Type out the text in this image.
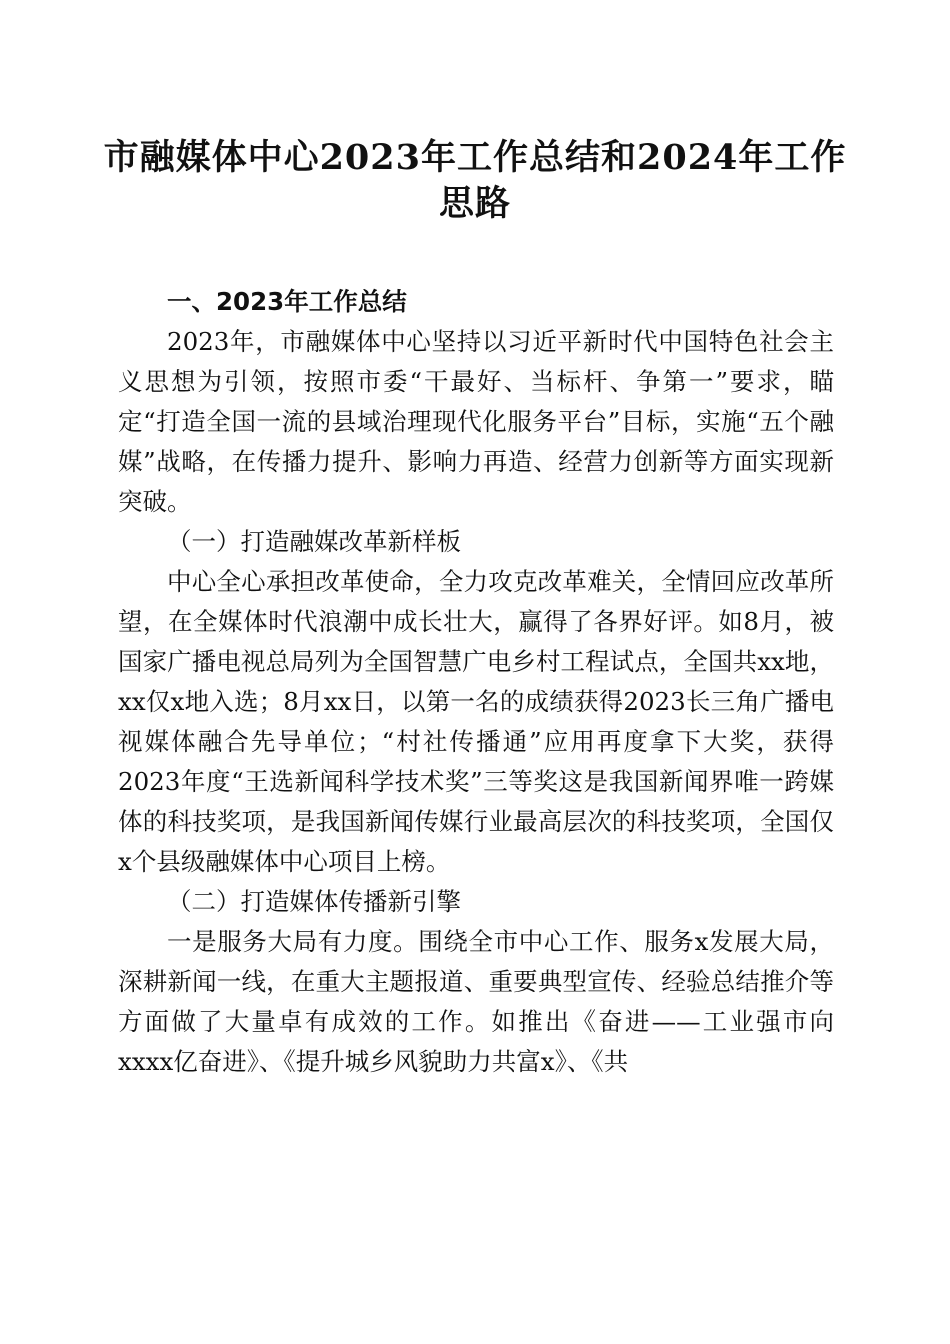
市融媒体中心2023年工作总结和2024年工作思路

一、2023年工作总结

2023年，市融媒体中心坚持以习近平新时代中国特色社会主义思想为引领，按照市委“干最好、当标杆、争第一”要求，瞄定“打造全国一流的县域治理现代化服务平台”目标，实施“五个融媒”战略，在传播力提升、影响力再造、经营力创新等方面实现新突破。

（一）打造融媒改革新样板

中心全心承担改革使命，全力攻克改革难关，全情回应改革所望，在全媒体时代浪潮中成长壮大，赢得了各界好评。如8月，被国家广播电视总局列为全国智慧广电乡村工程试点，全国共xx地，xx仅x地入选；8月xx日，以第一名的成绩获得2023长三角广播电视媒体融合先导单位；“村社传播通”应用再度拿下大奖，获得2023年度“王选新闻科学技术奖”三等奖这是我国新闻界唯一跨媒体的科技奖项，是我国新闻传媒行业最高层次的科技奖项，全国仅x个县级融媒体中心项目上榜。

（二）打造媒体传播新引擎

一是服务大局有力度。围绕全市中心工作、服务x发展大局，深耕新闻一线，在重大主题报道、重要典型宣传、经验总结推介等方面做了大量卓有成效的工作。如推出《奋进——工业强市向xxxx亿奋进》、《提升城乡风貌助力共富x》、《共
